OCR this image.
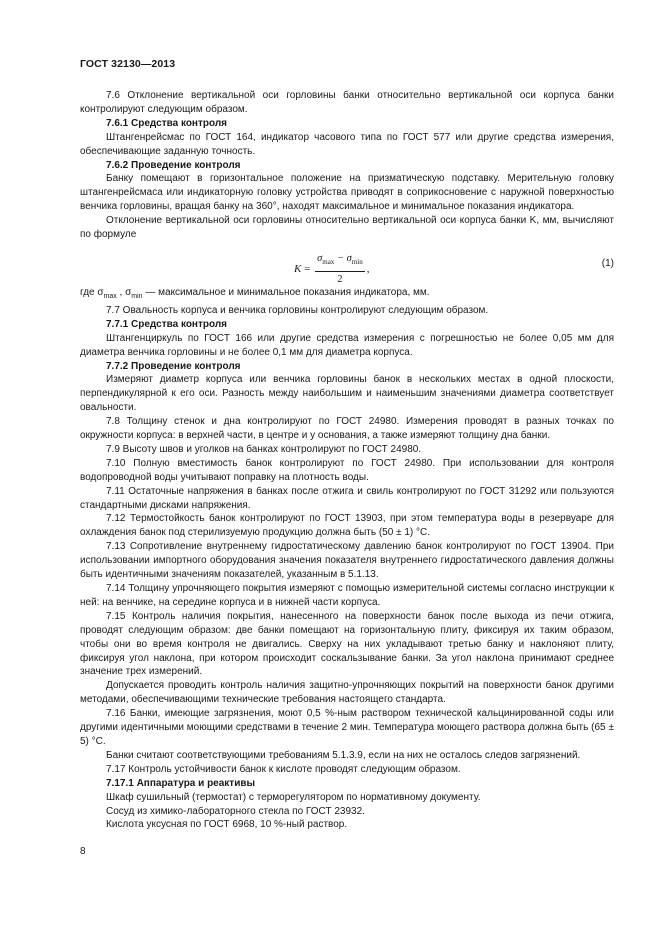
ГОСТ 32130—2013

7.6 Отклонение вертикальной оси горловины банки относительно вертикальной оси корпуса банки контролируют следующим образом.

7.6.1 Средства контроля

Штангенрейсмас по ГОСТ 164, индикатор часового типа по ГОСТ 577 или другие средства измерения, обеспечивающие заданную точность.

7.6.2 Проведение контроля

Банку помещают в горизонтальное положение на призматическую подставку. Мерительную головку штангенрейсмаса или индикаторную головку устройства приводят в соприкосновение с наружной поверхностью венчика горловины, вращая банку на 360°, находят максимальное и минимальное показания индикатора.

Отклонение вертикальной оси горловины относительно вертикальной оси корпуса банки K, мм, вычисляют по формуле

$K = \frac{\sigma_{max} - \sigma_{min}}{2}$ ,	(1)

где $\sigma_{max}$ , $\sigma_{min}$ — максимальное и минимальное показания индикатора, мм.

7.7 Овальность корпуса и венчика горловины контролируют следующим образом.

7.7.1 Средства контроля

Штангенциркуль по ГОСТ 166 или другие средства измерения с погрешностью не более 0,05 мм для диаметра венчика горловины и не более 0,1 мм для диаметра корпуса.

7.7.2 Проведение контроля

Измеряют диаметр корпуса или венчика горловины банок в нескольких местах в одной плоскости, перпендикулярной к его оси. Разность между наибольшим и наименьшим значениями диаметра соответствует овальности.

7.8 Толщину стенок и дна контролируют по ГОСТ 24980. Измерения проводят в разных точках по окружности корпуса: в верхней части, в центре и у основания, а также измеряют толщину дна банки.

7.9 Высоту швов и уголков на банках контролируют по ГОСТ 24980.

7.10 Полную вместимость банок контролируют по ГОСТ 24980. При использовании для контроля водопроводной воды учитывают поправку на плотность воды.

7.11 Остаточные напряжения в банках после отжига и свиль контролируют по ГОСТ 31292 или пользуются стандартными дисками напряжения.

7.12 Термостойкость банок контролируют по ГОСТ 13903, при этом температура воды в резервуаре для охлаждения банок под стерилизуемую продукцию должна быть (50 ± 1) °С.

7.13 Сопротивление внутреннему гидростатическому давлению банок контролируют по ГОСТ 13904. При использовании импортного оборудования значения показателя внутреннего гидростатического давления должны быть идентичными значениям показателей, указанным в 5.1.13.

7.14 Толщину упрочняющего покрытия измеряют с помощью измерительной системы согласно инструкции к ней: на венчике, на середине корпуса и в нижней части корпуса.

7.15 Контроль наличия покрытия, нанесенного на поверхности банок после выхода из печи отжига, проводят следующим образом: две банки помещают на горизонтальную плиту, фиксируя их таким образом, чтобы они во время контроля не двигались. Сверху на них укладывают третью банку и наклоняют плиту, фиксируя угол наклона, при котором происходит соскальзывание банки. За угол наклона принимают среднее значение трех измерений.

Допускается проводить контроль наличия защитно-упрочняющих покрытий на поверхности банок другими методами, обеспечивающими технические требования настоящего стандарта.

7.16 Банки, имеющие загрязнения, моют 0,5 %-ным раствором технической кальцинированной соды или другими идентичными моющими средствами в течение 2 мин. Температура моющего раствора должна быть (65 ± 5) °С.

Банки считают соответствующими требованиям 5.1.3.9, если на них не осталось следов загрязнений.

7.17 Контроль устойчивости банок к кислоте проводят следующим образом.

7.17.1 Аппаратура и реактивы

Шкаф сушильный (термостат) с терморегулятором по нормативному документу.

Сосуд из химико-лабораторного стекла по ГОСТ 23932.

Кислота уксусная по ГОСТ 6968, 10 %-ный раствор.

8
